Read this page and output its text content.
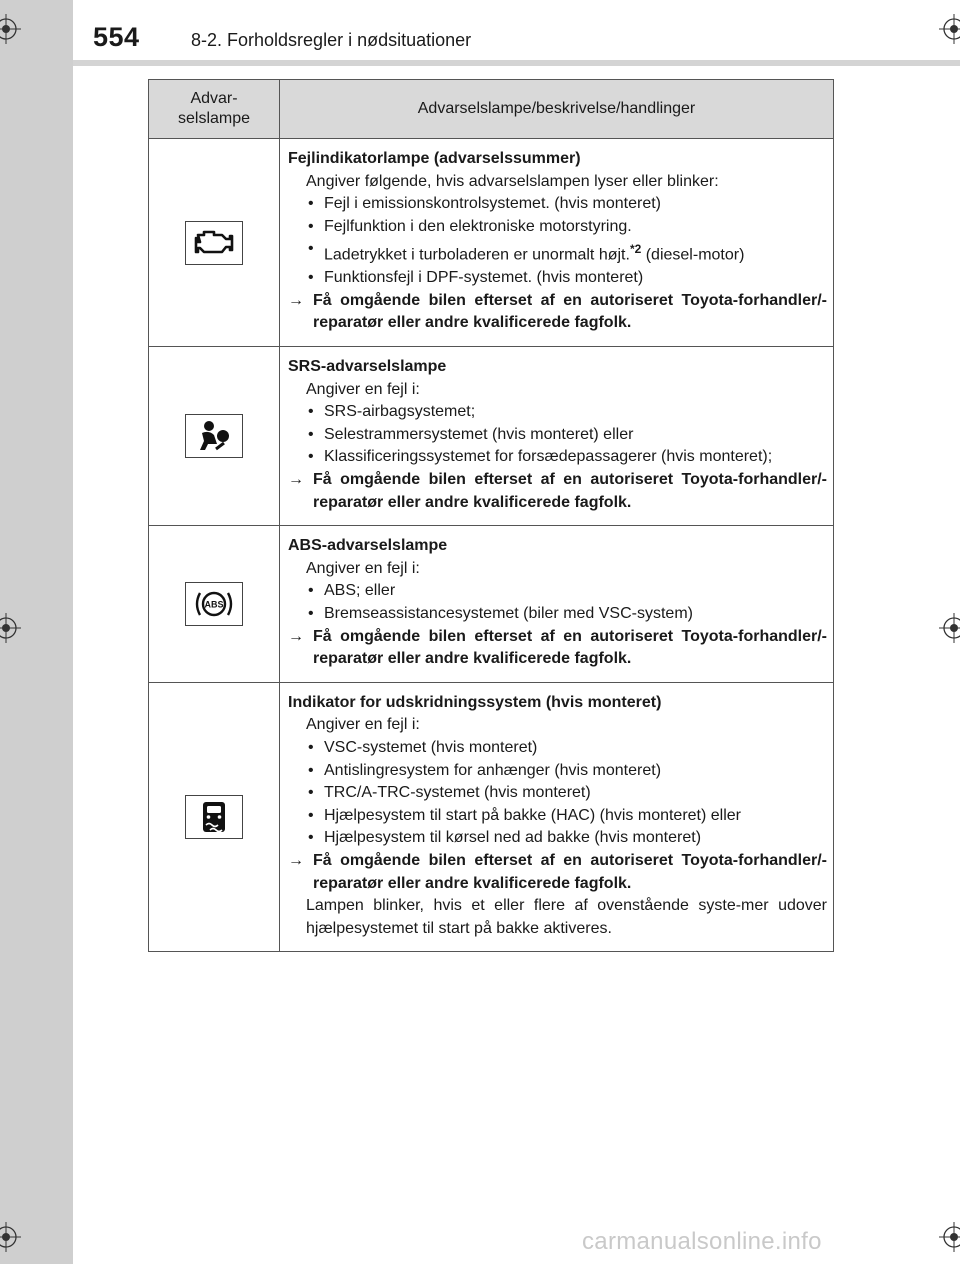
554	8-2. Forholdsregler i nødsituationer
Advar-
selslampe
Advarselslampe/beskrivelse/handlinger
Fejlindikatorlampe (advarselssummer)
Angiver følgende, hvis advarselslampen lyser eller blinker:
• Fejl i emissionskontrolsystemet. (hvis monteret)
• Fejlfunktion i den elektroniske motorstyring.
• Ladetrykket i turboladeren er unormalt højt.$^{*2}$ (diesel-motor)
• Funktionsfejl i DPF-systemet. (hvis monteret)
→ Få omgående bilen efterset af en autoriseret Toyota-forhandler/-reparatør eller andre kvalificerede fagfolk.
SRS-advarselslampe
Angiver en fejl i:
• SRS-airbagsystemet;
• Selestrammersystemet (hvis monteret) eller
• Klassificeringssystemet for forsædepassagerer (hvis monteret);
→ Få omgående bilen efterset af en autoriseret Toyota-forhandler/-reparatør eller andre kvalificerede fagfolk.
ABS
ABS-advarselslampe
Angiver en fejl i:
• ABS; eller
• Bremseassistancesystemet (biler med VSC-system)
→ Få omgående bilen efterset af en autoriseret Toyota-forhandler/-reparatør eller andre kvalificerede fagfolk.
Indikator for udskridningssystem (hvis monteret)
Angiver en fejl i:
• VSC-systemet (hvis monteret)
• Antislingresystem for anhænger (hvis monteret)
• TRC/A-TRC-systemet (hvis monteret)
• Hjælpesystem til start på bakke (HAC) (hvis monteret) eller
• Hjælpesystem til kørsel ned ad bakke (hvis monteret)
→ Få omgående bilen efterset af en autoriseret Toyota-forhandler/-reparatør eller andre kvalificerede fagfolk.
Lampen blinker, hvis et eller flere af ovenstående syste-mer udover hjælpesystemet til start på bakke aktiveres.
carmanualsonline.info
